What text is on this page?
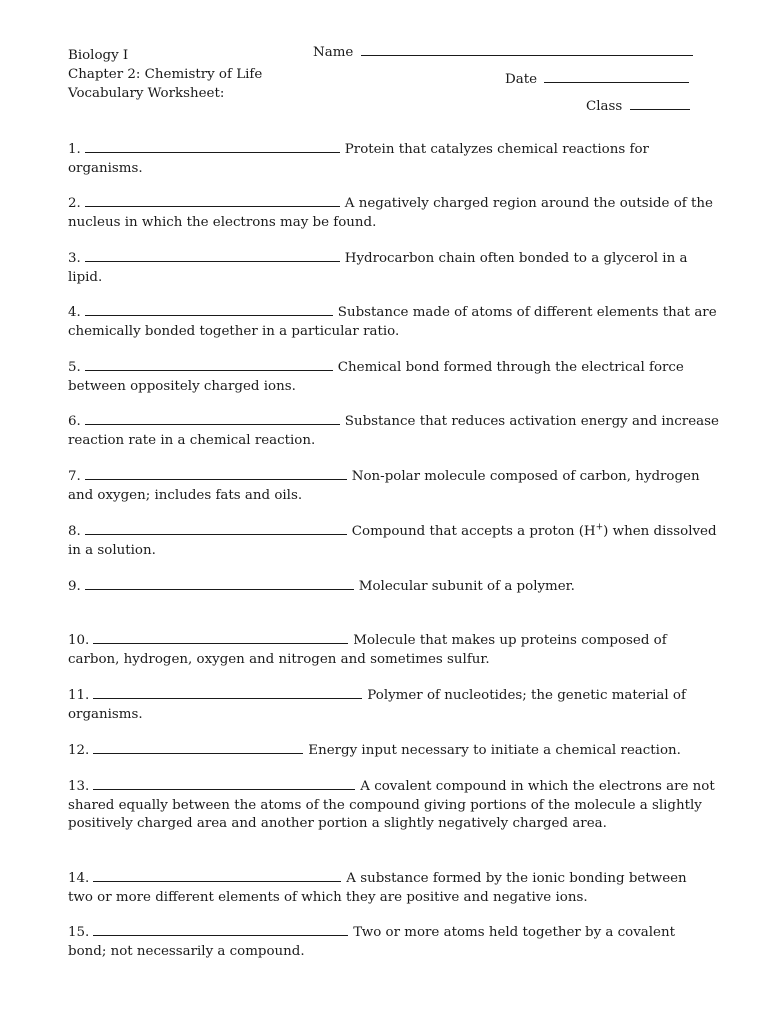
Biology I
Chapter 2: Chemistry of Life
Vocabulary Worksheet:
Name
Date
Class
1.	Protein that catalyzes chemical reactions for
organisms.
2.	A negatively charged region around the outside of the
nucleus in which the electrons may be found.
3.	Hydrocarbon chain often bonded to a glycerol in a
lipid.
4.	Substance made of atoms of different elements that are
chemically bonded together in a particular ratio.
5.	Chemical bond formed through the electrical force
between oppositely charged ions.
6.	Substance that reduces activation energy and increase
reaction rate in a chemical reaction.
7.	Non-polar molecule composed of carbon, hydrogen
and oxygen; includes fats and oils.
8.	Compound that accepts a proton (H+) when dissolved
in a solution.
9.	Molecular subunit of a polymer.
10.	Molecule that makes up proteins composed of
carbon, hydrogen, oxygen and nitrogen and sometimes sulfur.
11.	Polymer of nucleotides; the genetic material of
organisms.
12.	Energy input necessary to initiate a chemical reaction.
13.	A covalent compound in which the electrons are not
shared equally between the atoms of the compound giving portions of the molecule a slightly
positively charged area and another portion a slightly negatively charged area.
14.	A substance formed by the ionic bonding between
two or more different elements of which they are positive and negative ions.
15.	Two or more atoms held together by a covalent
bond; not necessarily a compound.
